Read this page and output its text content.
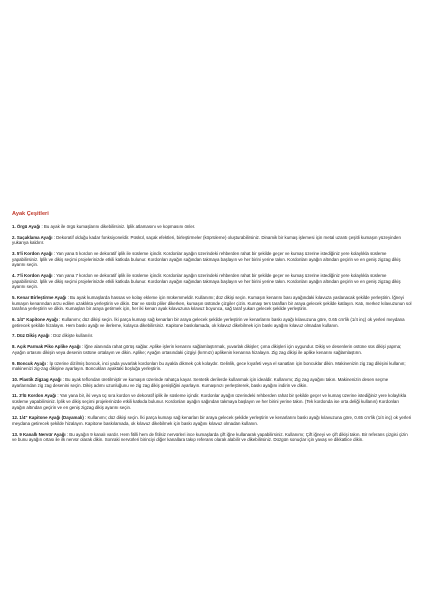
Ayak Çeşitleri
1. Örgü Ayağı : Bu ayak ile örgü kumaşlarını dikebilirsiniz. İplik atlamasını ve kopmasını önler.
2. Saçaklama Ayağı : Dekoratif olduğu kadar fonksiyoneldir. Püskül, saçak efektleri, birleştirmeler (köprüleme) oluşturabilirsiniz. Dinamik bir kumaş işlemesi için metal uzantı çeşitli kumaşın yüzeyinden yukarıya kaldırır.
3. 5'li Kordon Ayağı : Yan yana 5 kordon ve dekoratif iplik ile süsleme içindir. Kordonlar ayağın üzerindeki rehberden rahat bir şekilde geçer ve kumaş üzerine istediğiniz yere kolaylıkla süsleme yapabilirsiniz. İplik ve dikiş seçimi projelerinizde etkili katkıda bulunur. Kordonları ayağın sağından takmaya başlayın ve her birini yerine takın. Kordonları ayağın altından geçirin ve en geniş zigzag dikiş ayarını seçin.
4. 7'li Kordon Ayağı : Yan yana 7 kordon ve dekoratif iplik ile süsleme içindir. Kordonlar ayağın üzerindeki rehberden rahat bir şekilde geçer ve kumaş üzerine istediğiniz yere kolaylıkla süsleme yapabilirsiniz. İplik ve dikiş seçimi projelerinizde etkili katkıda bulunur. Kordonları ayağın sağından takmaya başlayın ve her birini yerine takın. Kordonları ayağın altından geçirin ve en geniş zigzag dikiş ayarını seçin.
5. Kenar Birleştirme Ayağı : Bu ayak kumaşlarda hassas ve kolay ekleme için mükemmeldir. Kullanımı; düz dikişi seçin. Kumaşın kenarını bası ayağındaki kılavuza yaslanacak şekilde yerleştirin. İğneyi kumaşın kenarından arzu edilen uzaklıkta yerleştirin ve dikin. Dar ve süslü pliler dikerken, kumaşın üstünde çizgiler çizin. Kumaşı ters tarafları bir araya gelecek şekilde katlayın. Katı, merkez kılavuzunun sol tarafına yerleştirin ve dikin. Kumaşları bir araya getirmek için, her iki kenarı ayak kılavuzuna kılavuz boyunca, sağ taraf yukarı gelecek şekilde yerleştirin.
6. 1/4" Kapitone Ayağı : Kullanımı; düz dikişi seçin. İki parça kumaşı sağ kenarları bir araya gelecek şekilde yerleştirin ve kenarlarını baskı ayağı kılavuzuna göre, 0.65 cm'lik (1/4 inç) ok yerleri meydana getirecek şekilde hizalayın. Hem baskı ayağı ve ilerleme, kolayca dikebilirsiniz. Kapitone baskılamada, ok kılavuz dikebilmek için baskı ayağını kılavuz olmadan kullanın.
7. Düz Dikiş Ayağı : Düz dikişte kullanılır.
8. Açık Parmak Piko Aplike Ayağı : İğne alanında rahat görüş sağlar. Aplike işlerin kenarını sağlamlaştırmak, yuvarlak dikişler; çıma dikişleri için uygundur. Dikiş ve desenlerin ostüne süs dikişi yapma; Ayağın ortasını dikişin veya desenin üstüne ortalayın ve dikin. Aplike; Ayağın ortasındaki çizgiyi (kırmızı) aplikenin kenarına hizalayın. Zig zag dikişi ile aplike kenarını sağlamlaştırın.
9. Boncuk Ayağı : İp üzerine dizilmiş boncuk, inci yada yuvarlak kordonları bu ayakla dikmek çok kolaydır. Gelinlik, gece kıyafeti veya el sanatları için boncuklar dikin. Makinenizin zig zag dikişini kullanın; makinenizi zig-zag dikişine ayarlayın. Boncukları ayaktaki boşluğa yerleştirin.
10. Plastik Zigzag Ayağı : Bu ayak teflondan üretilmiştir ve kumaşın üzerinde rahatça kayar. Sentetik derilerde kullanmak için idealdir. Kullanımı; Zig zag ayağını takın. Makinenizin desen seçme ayarlarından zig zag desenini seçin. Dikiş adımı uzunluğunu ve zig zag dikiş genişliğini ayarlayın. Kumaşınızı yerleştirerek, baskı ayağını indirin ve dikin.
11. 3'lü Kordon Ayağı : Yan yana bir, iki veya üç sıra kordon ve dekoratif iplik ile süsleme içindir. Kordonlar ayağın üzerindeki rehberden rahat bir şekilde geçer ve kumaş üzerine istediğiniz yere kolaylıkla süsleme yapabilirsiniz. İplik ve dikiş seçimi projelerinizde etkili katkıda bulunur. Kordonları ayağın sağından takmaya başlayın ve her birini yerine takın. (Tek kordonda ise orta deliği kullanın) Kordonları ayağın altından geçirin ve en geniş zigzag dikiş ayarını seçin.
12. 1/4" Kapitone Ayağı (Dayamalı) : Kullanımı; düz dikişi seçin. İki parça kumaşı sağ kenarları bir araya gelecek şekilde yerleştirin ve kenarlarını baskı ayağı kılavuzuna göre, 0.65 cm'lik (1/4 inç) ok yerleri meydana getirecek şekilde hizalayın. Kapitone baskılamada, ok kılavuz dikebilmek için baskı ayağını kılavuz olmadan kullanın.
13. 9 Kanallı Nervür Ayağı : Bu ayağın 9 kanalı vardır. Hem fitilli hem de fitilsiz nervürleri ince kumaşlarda çift iğne kullanarak yapabilirsiniz. Kullanımı; Çift iğneyi ve çift dikişi takın. Bir referans çizgisi çizin ve bunu ayağın ortası ile ilk nervür olarak dikin. Sonraki nervürleri birinciyi diğer kanallara takıp referans olarak alabilir ve dikebilirsiniz. Düzgün sonuçlar için yavaş ve dikkatlice dikin.
